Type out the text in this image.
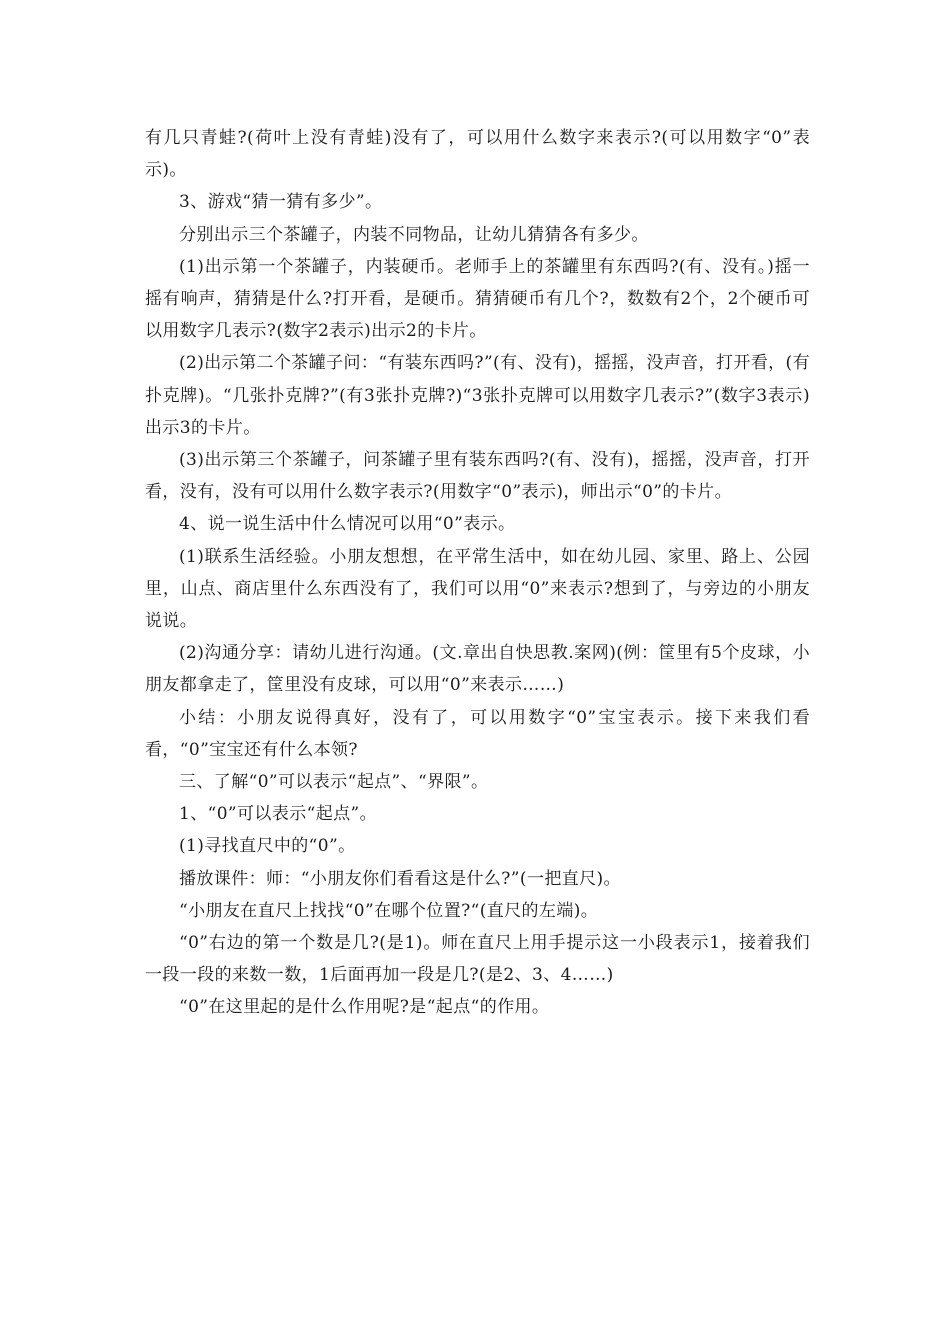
有几只青蛙?(荷叶上没有青蛙)没有了，可以用什么数字来表示?(可以用数字“0”表示)。

3、游戏“猜一猜有多少”。

分别出示三个茶罐子，内装不同物品，让幼儿猜猜各有多少。

(1)出示第一个茶罐子，内装硬币。老师手上的茶罐里有东西吗?(有、没有。)摇一摇有响声，猜猜是什么?打开看，是硬币。猜猜硬币有几个?，数数有2个，2个硬币可以用数字几表示?(数字2表示)出示2的卡片。

(2)出示第二个茶罐子问：“有装东西吗?”(有、没有)，摇摇，没声音，打开看，(有扑克牌)。“几张扑克牌?”(有3张扑克牌?)“3张扑克牌可以用数字几表示?”(数字3表示)出示3的卡片。

(3)出示第三个茶罐子，问茶罐子里有装东西吗?(有、没有)，摇摇，没声音，打开看，没有，没有可以用什么数字表示?(用数字“0”表示)，师出示“0”的卡片。

4、说一说生活中什么情况可以用“0”表示。

(1)联系生活经验。小朋友想想，在平常生活中，如在幼儿园、家里、路上、公园里，山点、商店里什么东西没有了，我们可以用“0”来表示?想到了，与旁边的小朋友说说。

(2)沟通分享：请幼儿进行沟通。(文.章出自快思教.案网)(例：筐里有5个皮球，小朋友都拿走了，筐里没有皮球，可以用“0”来表示……)

小结：小朋友说得真好，没有了，可以用数字“0”宝宝表示。接下来我们看看，“0”宝宝还有什么本领?

三、了解“0”可以表示“起点”、“界限”。

1、“0”可以表示“起点”。

(1)寻找直尺中的“0”。

播放课件：师：“小朋友你们看看这是什么?”(一把直尺)。

“小朋友在直尺上找找“0”在哪个位置?“(直尺的左端)。

“0”右边的第一个数是几?(是1)。师在直尺上用手提示这一小段表示1，接着我们一段一段的来数一数，1后面再加一段是几?(是2、3、4……)

“0”在这里起的是什么作用呢?是“起点“的作用。
